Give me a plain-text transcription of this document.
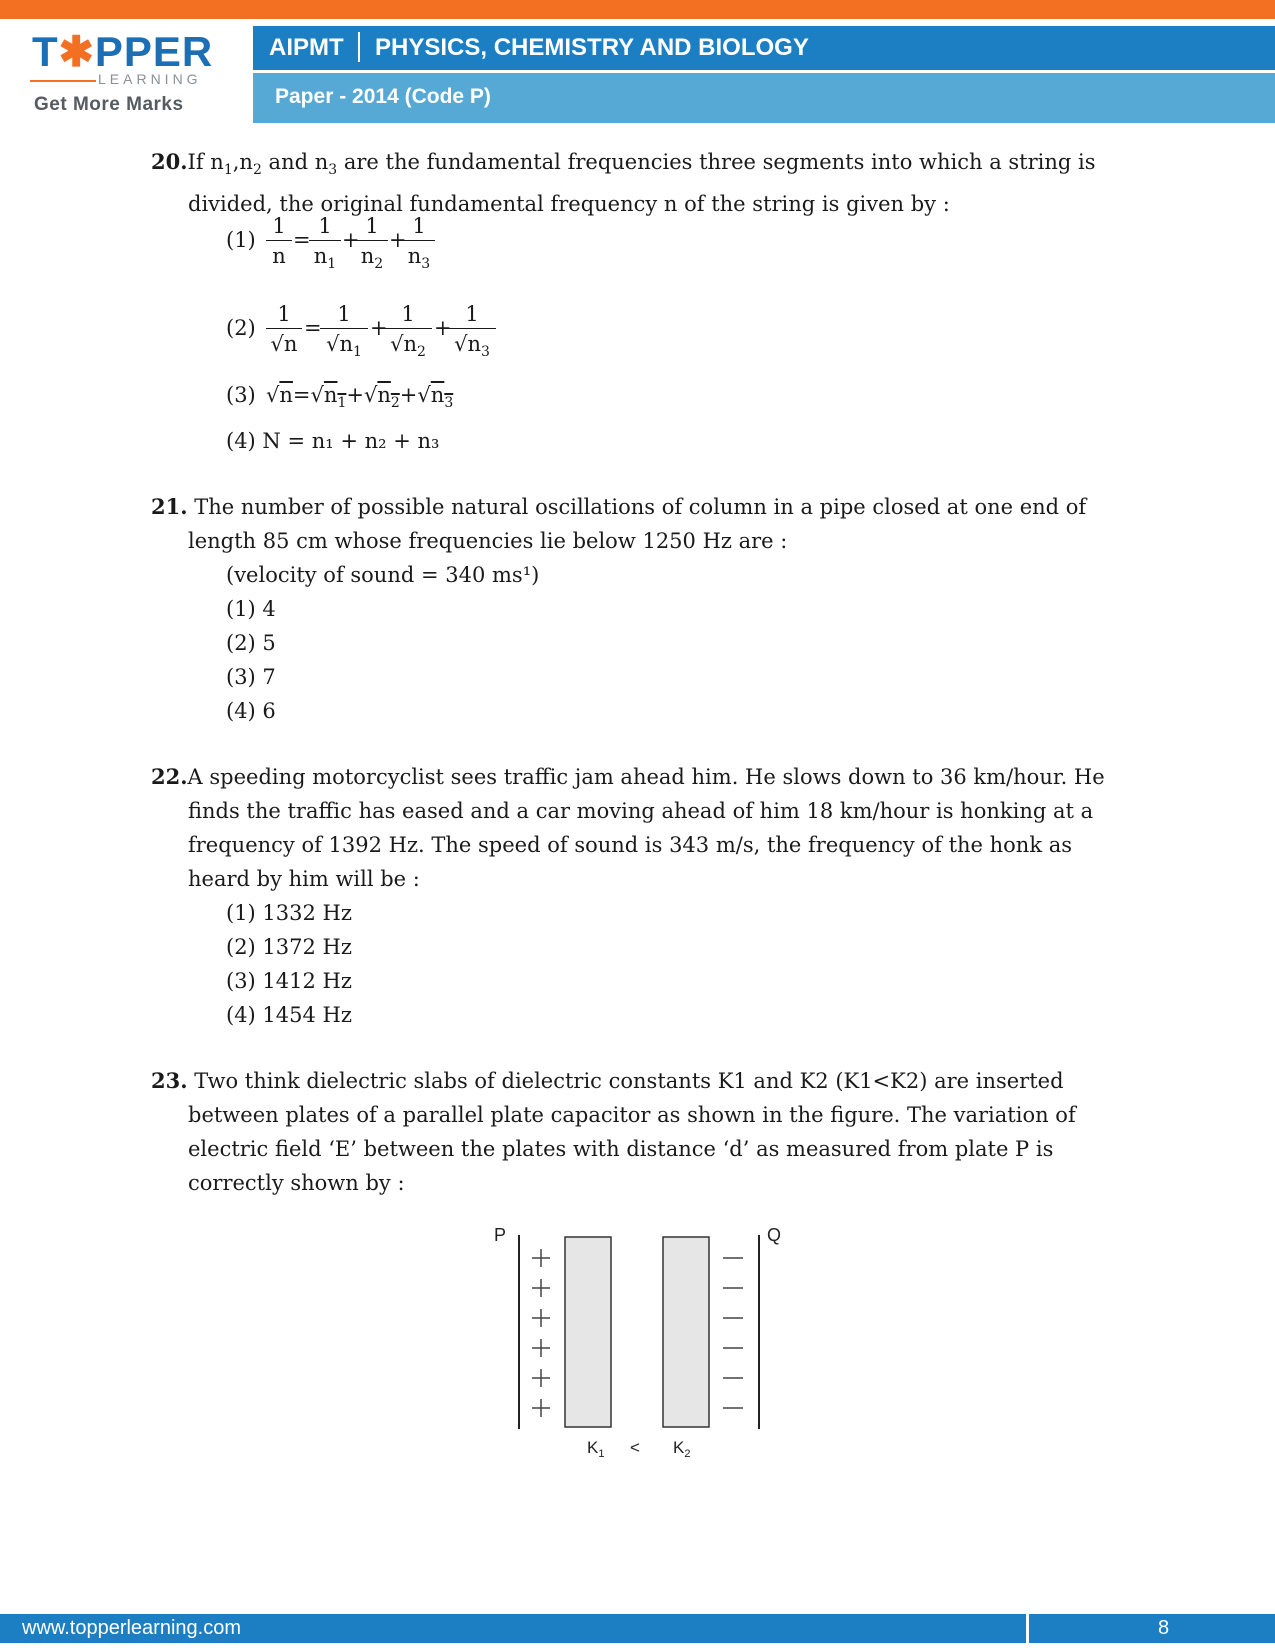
T✱PPER
LEARNING
Get More Marks
AIPMT PHYSICS, CHEMISTRY AND BIOLOGY
Paper - 2014 (Code P)
20.If $n_1,n_2$ and $n_3$ are the fundamental frequencies three segments into which a string is
divided, the original fundamental frequency n of the string is given by :
(1)
1
n
=
1
$n_1$
+
1
$n_2$
+
1
$n_3$
(2)
1
√n
=
1
$√n_1$
+
1
$√n_2$
+
1
$√n_3$
(3) $√n=√n_1+√n_2+√n_3$
(4) N = n₁ + n₂ + n₃
21. The number of possible natural oscillations of column in a pipe closed at one end of
length 85 cm whose frequencies lie below 1250 Hz are :
(velocity of sound = 340 ms¹)
(1) 4
(2) 5
(3) 7
(4) 6
22.A speeding motorcyclist sees traffic jam ahead him. He slows down to 36 km/hour. He
finds the traffic has eased and a car moving ahead of him 18 km/hour is honking at a
frequency of 1392 Hz. The speed of sound is 343 m/s, the frequency of the honk as
heard by him will be :
(1) 1332 Hz
(2) 1372 Hz
(3) 1412 Hz
(4) 1454 Hz
23. Two think dielectric slabs of dielectric constants K1 and K2 (K1<K2) are inserted
between plates of a parallel plate capacitor as shown in the figure. The variation of
electric field ‘E’ between the plates with distance ‘d’ as measured from plate P is
correctly shown by :
P	Q
$K_1 < K_2$
www.topperlearning.com	8
